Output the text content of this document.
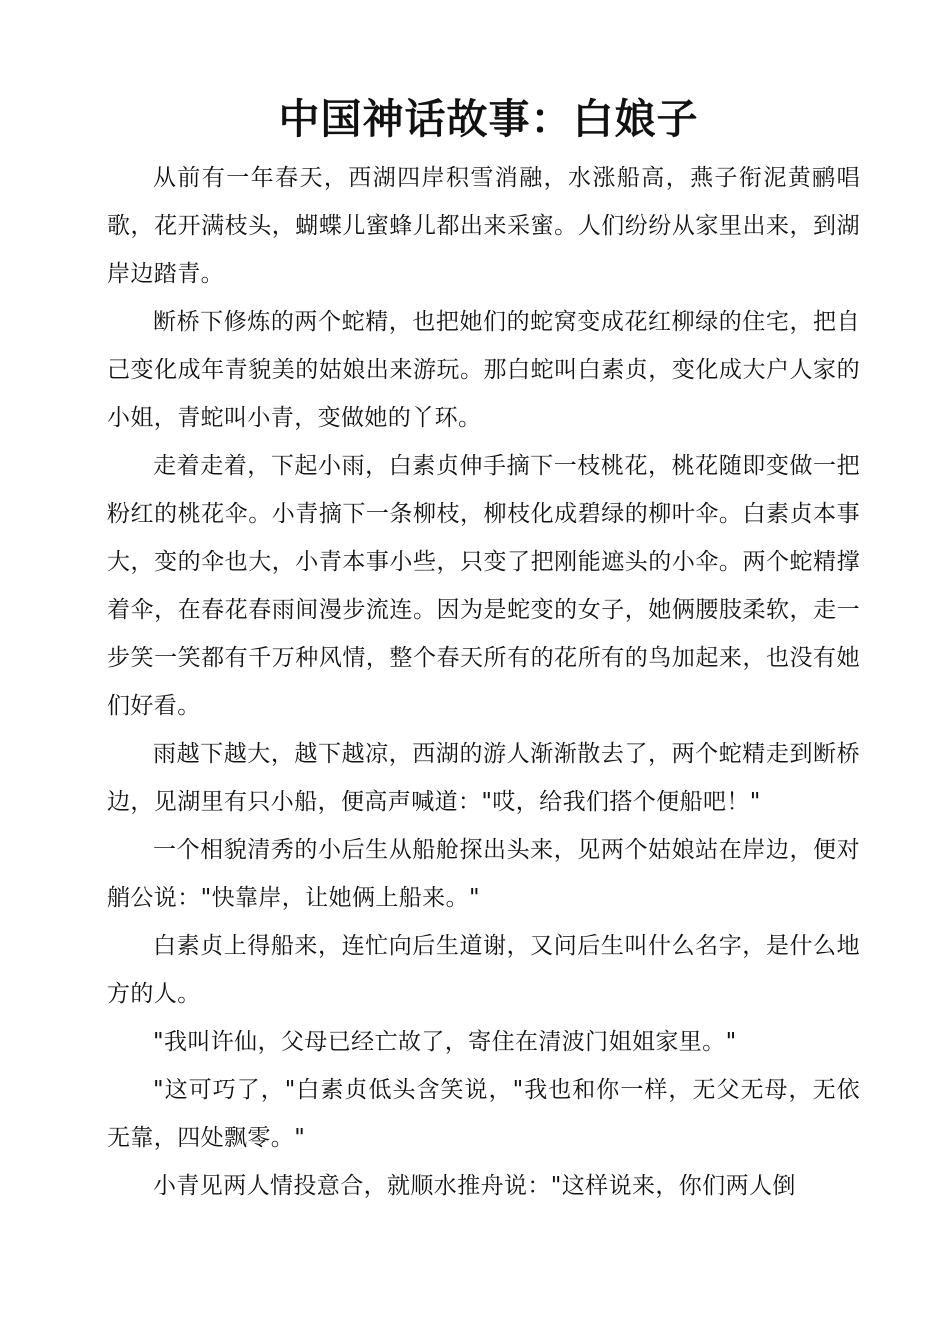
中国神话故事：白娘子

从前有一年春天，西湖四岸积雪消融，水涨船高，燕子衔泥黄鹂唱歌，花开满枝头，蝴蝶儿蜜蜂儿都出来采蜜。人们纷纷从家里出来，到湖岸边踏青。

断桥下修炼的两个蛇精，也把她们的蛇窝变成花红柳绿的住宅，把自己变化成年青貌美的姑娘出来游玩。那白蛇叫白素贞，变化成大户人家的小姐，青蛇叫小青，变做她的丫环。

走着走着，下起小雨，白素贞伸手摘下一枝桃花，桃花随即变做一把粉红的桃花伞。小青摘下一条柳枝，柳枝化成碧绿的柳叶伞。白素贞本事大，变的伞也大，小青本事小些，只变了把刚能遮头的小伞。两个蛇精撑着伞，在春花春雨间漫步流连。因为是蛇变的女子，她俩腰肢柔软，走一步笑一笑都有千万种风情，整个春天所有的花所有的鸟加起来，也没有她们好看。

雨越下越大，越下越凉，西湖的游人渐渐散去了，两个蛇精走到断桥边，见湖里有只小船，便高声喊道："哎，给我们搭个便船吧！"

一个相貌清秀的小后生从船舱探出头来，见两个姑娘站在岸边，便对艄公说："快靠岸，让她俩上船来。"

白素贞上得船来，连忙向后生道谢，又问后生叫什么名字，是什么地方的人。

"我叫许仙，父母已经亡故了，寄住在清波门姐姐家里。"

"这可巧了，"白素贞低头含笑说，"我也和你一样，无父无母，无依无靠，四处飘零。"

小青见两人情投意合，就顺水推舟说："这样说来，你们两人倒
